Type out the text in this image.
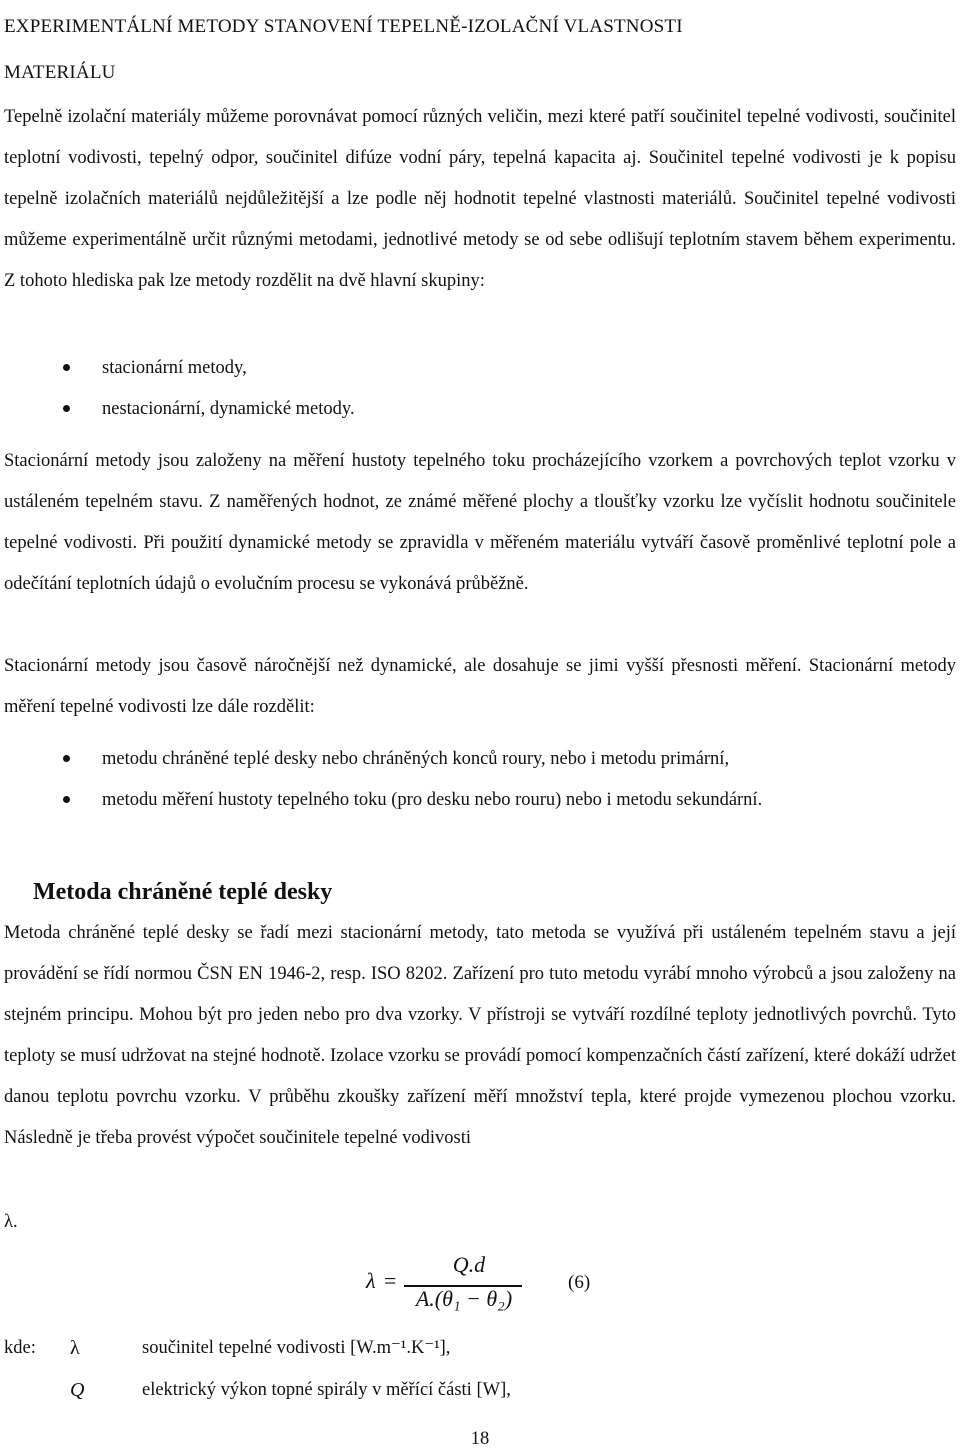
EXPERIMENTÁLNÍ METODY STANOVENÍ TEPELNĚ-IZOLAČNÍ VLASTNOSTI
MATERIÁLU

Tepelně izolační materiály můžeme porovnávat pomocí různých veličin, mezi které patří součinitel tepelné vodivosti, součinitel teplotní vodivosti, tepelný odpor, součinitel difúze vodní páry, tepelná kapacita aj. Součinitel tepelné vodivosti je k popisu tepelně izolačních materiálů nejdůležitější a lze podle něj hodnotit tepelné vlastnosti materiálů. Součinitel tepelné vodivosti můžeme experimentálně určit různými metodami, jednotlivé metody se od sebe odlišují teplotním stavem během experimentu. Z tohoto hlediska pak lze metody rozdělit na dvě hlavní skupiny:

stacionární metody,
nestacionární, dynamické metody.

Stacionární metody jsou založeny na měření hustoty tepelného toku procházejícího vzorkem a povrchových teplot vzorku v ustáleném tepelném stavu. Z naměřených hodnot, ze známé měřené plochy a tloušťky vzorku lze vyčíslit hodnotu součinitele tepelné vodivosti. Při použití dynamické metody se zpravidla v měřeném materiálu vytváří časově proměnlivé teplotní pole a odečítání teplotních údajů o evolučním procesu se vykonává průběžně.

Stacionární metody jsou časově náročnější než dynamické, ale dosahuje se jimi vyšší přesnosti měření. Stacionární metody měření tepelné vodivosti lze dále rozdělit:

metodu chráněné teplé desky nebo chráněných konců roury, nebo i metodu primární,
metodu měření hustoty tepelného toku (pro desku nebo rouru) nebo i metodu sekundární.
Metoda chráněné teplé desky

Metoda chráněné teplé desky se řadí mezi stacionární metody, tato metoda se využívá při ustáleném tepelném stavu a její provádění se řídí normou ČSN EN 1946-2, resp. ISO 8202. Zařízení pro tuto metodu vyrábí mnoho výrobců a jsou založeny na stejném principu. Mohou být pro jeden nebo pro dva vzorky. V přístroji se vytváří rozdílné teploty jednotlivých povrchů. Tyto teploty se musí udržovat na stejné hodnotě. Izolace vzorku se provádí pomocí kompenzačních částí zařízení, které dokáží udržet danou teplotu povrchu vzorku. V průběhu zkoušky zařízení měří množství tepla, které projde vymezenou plochou vzorku. Následně je třeba provést výpočet součinitele tepelné vodivosti

λ.

λ =
Q.d
A.(θ₁ − θ₂)
(6)
kde: λ	součinitel tepelné vodivosti [W.m⁻¹.K⁻¹],
Q	elektrický výkon topné spirály v měřící části [W],
18
